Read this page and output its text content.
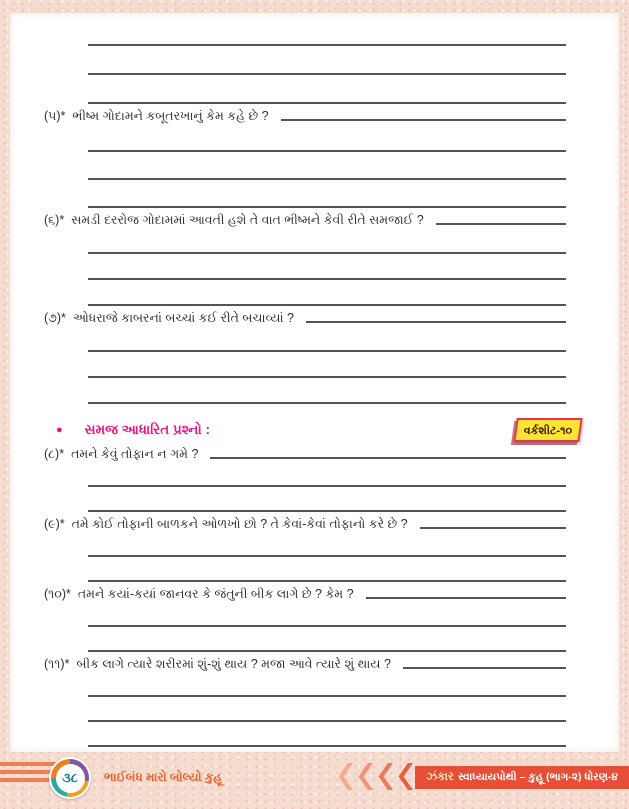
(૫)* ભીષ્મ ગોદામને કબૂતરખાનું કેમ કહે છે ?
(૬)* સમડી દરરોજ ગોદામમાં આવતી હશે તે વાત ભીષ્મને કેવી રીતે સમજાઈ ?
(૭)* ઓધરાજે કાબરનાં બચ્ચાં કઈ રીતે બચાવ્યાં ?
● સમજ આધારિત પ્રશ્નો :	વર્કશીટ-૧૦
(૮)* તમને કેવું તોફાન ન ગમે ?
(૯)* તમે કોઈ તોફાની બાળકને ઓળખો છો ? તે કેવાં-કેવાં તોફાનો કરે છે ?
(૧૦)* તમને કયાં-કયાં જાનવર કે જંતુની બીક લાગે છે ? કેમ ?
(૧૧)* બીક લાગે ત્યારે શરીરમાં શું-શું થાય ? મજા આવે ત્યારે શું થાય ?
૩૮	ભાઈબંધ મારો બોલ્યો કુહૂ	ઝંકાર સ્વાધ્યાયપોથી – કુહૂ (ભાગ-૨) ધોરણ-૪
